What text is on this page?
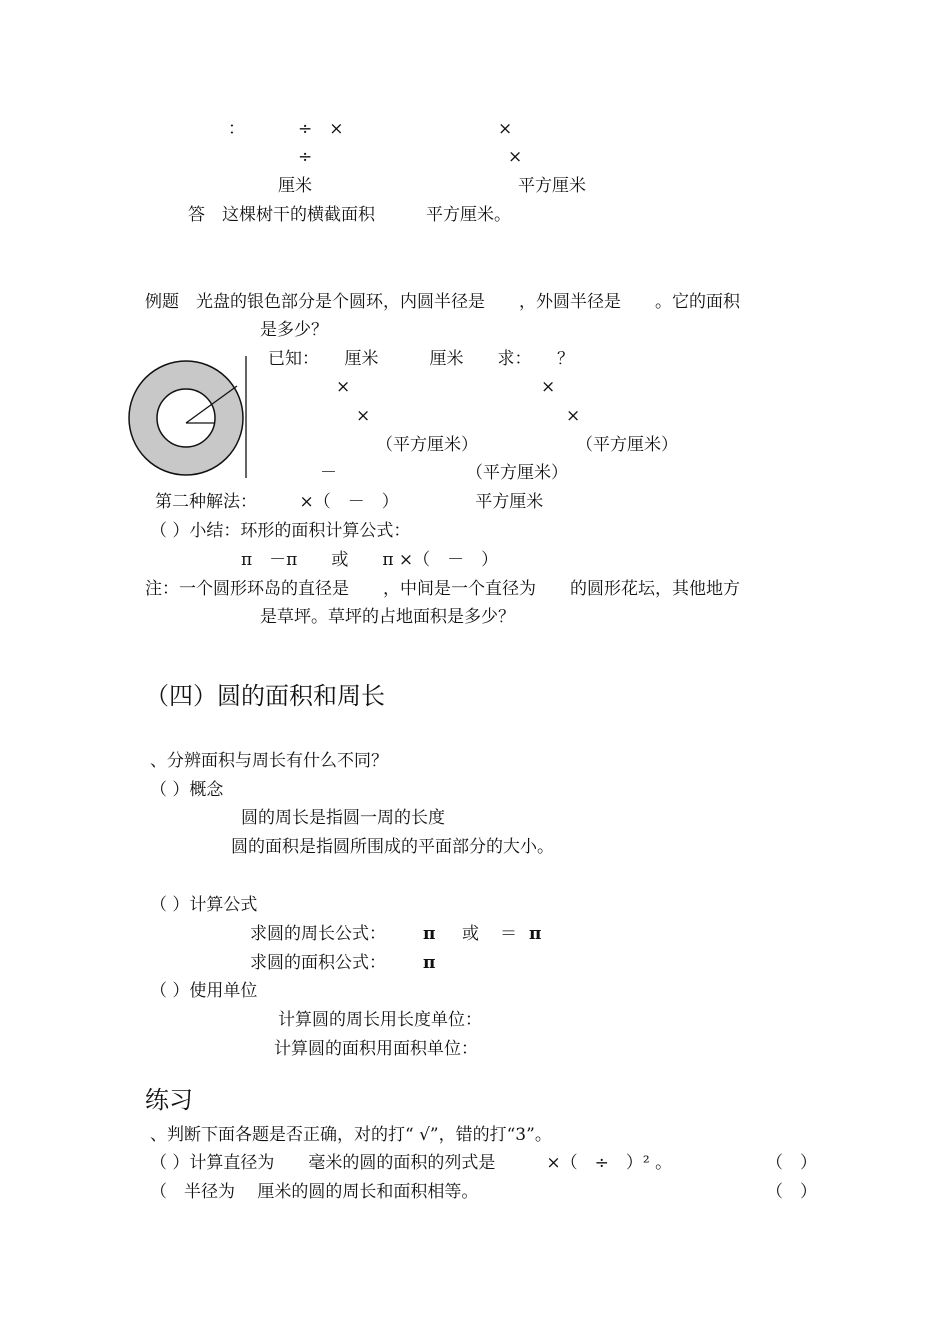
：	÷　×	×
÷	×
厘米	平方厘米
答　这棵树干的横截面积　　　平方厘米。
例题　光盘的银色部分是个圆环，内圆半径是　　，外圆半径是　　。它的面积
是多少？
已知：　　厘米　　　厘米　　求：　　？
×	×
×	×
（平方厘米）	（平方厘米）
－	（平方厘米）
第二种解法：　　　×（　－　）　　　　　平方厘米
（ ）小结：环形的面积计算公式：
π　－π　　或　　π ×（　－　）
注：一个圆形环岛的直径是　　，中间是一个直径为　　的圆形花坛，其他地方
是草坪。草坪的占地面积是多少？
（四）圆的面积和周长
、分辨面积与周长有什么不同？
（ ）概念
圆的周长是指圆一周的长度
圆的面积是指圆所围成的平面部分的大小。
（ ）计算公式
求圆的周长公式： π 或 ＝ π
求圆的面积公式： π
（ ）使用单位
计算圆的周长用长度单位：
计算圆的面积用面积单位：
练习
、判断下面各题是否正确，对的打“ √”，错的打“3”。
（ ）计算直径为　　毫米的圆的面积的列式是　　　×（　÷　）² 。	（　）
（　半径为　 厘米的圆的周长和面积相等。	（　）
